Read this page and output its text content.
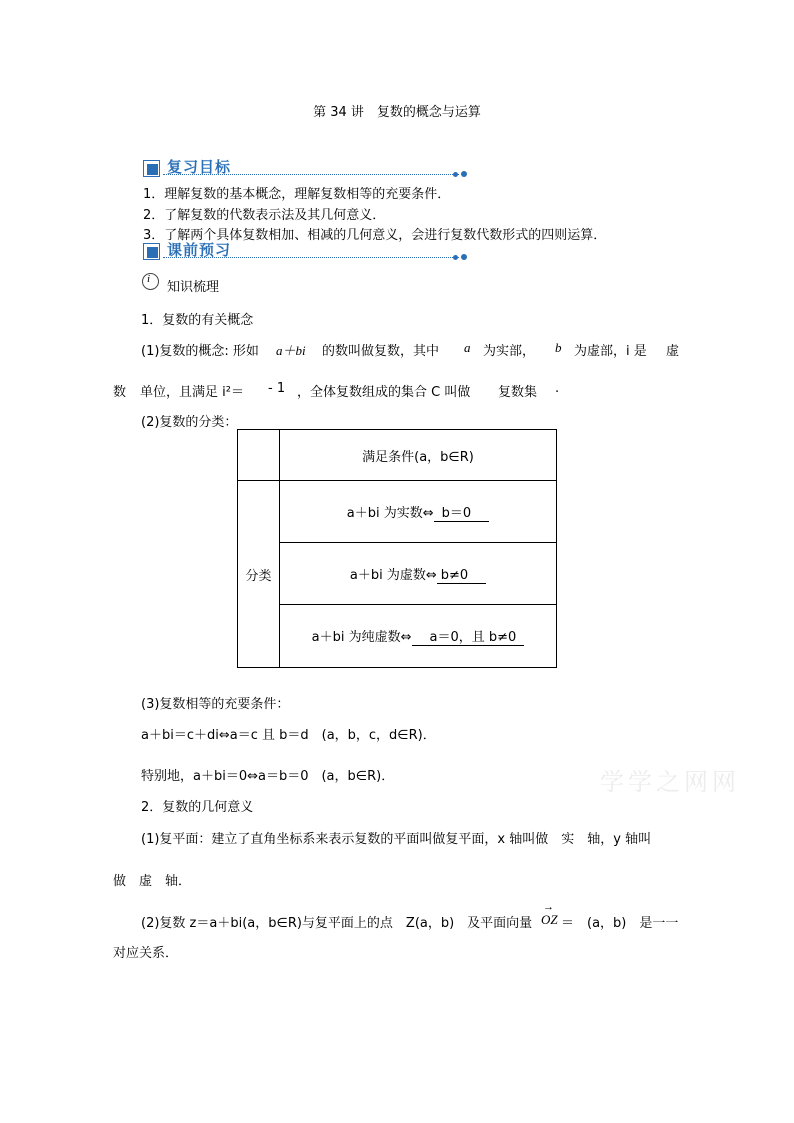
第 34 讲　复数的概念与运算
复习目标
1．理解复数的基本概念，理解复数相等的充要条件．
2．了解复数的代数表示法及其几何意义．
3．了解两个具体复数相加、相减的几何意义，会进行复数代数形式的四则运算．
课前预习
i
知识梳理
1．复数的有关概念
(1)复数的概念: 形如 a＋bi 的数叫做复数，其中 a 为实部， b 为虚部，i 是 虚
数 单位，且满足 i²＝ - 1 ，全体复数组成的集合 C 叫做 复数集 .
(2)复数的分类：
	满足条件(a，b∈R)
分类	a＋bi 为实数⇔ b＝0
	a＋bi 为虚数⇔ b≠0
	a＋bi 为纯虚数⇔ a＝0，且 b≠0
(3)复数相等的充要条件：
a＋bi＝c＋di⇔a＝c 且 b＝d　(a，b，c，d∈R)．
特别地，a＋bi＝0⇔a＝b＝0　(a，b∈R)．	学学之网网
2．复数的几何意义
(1)复平面：建立了直角坐标系来表示复数的平面叫做复平面，x 轴叫做　实　轴，y 轴叫
做　虚　轴．
(2)复数 z＝a＋bi(a，b∈R)与复平面上的点　Z(a，b)　及平面向量
→
OZ ＝　(a，b)　是一一
对应关系．
